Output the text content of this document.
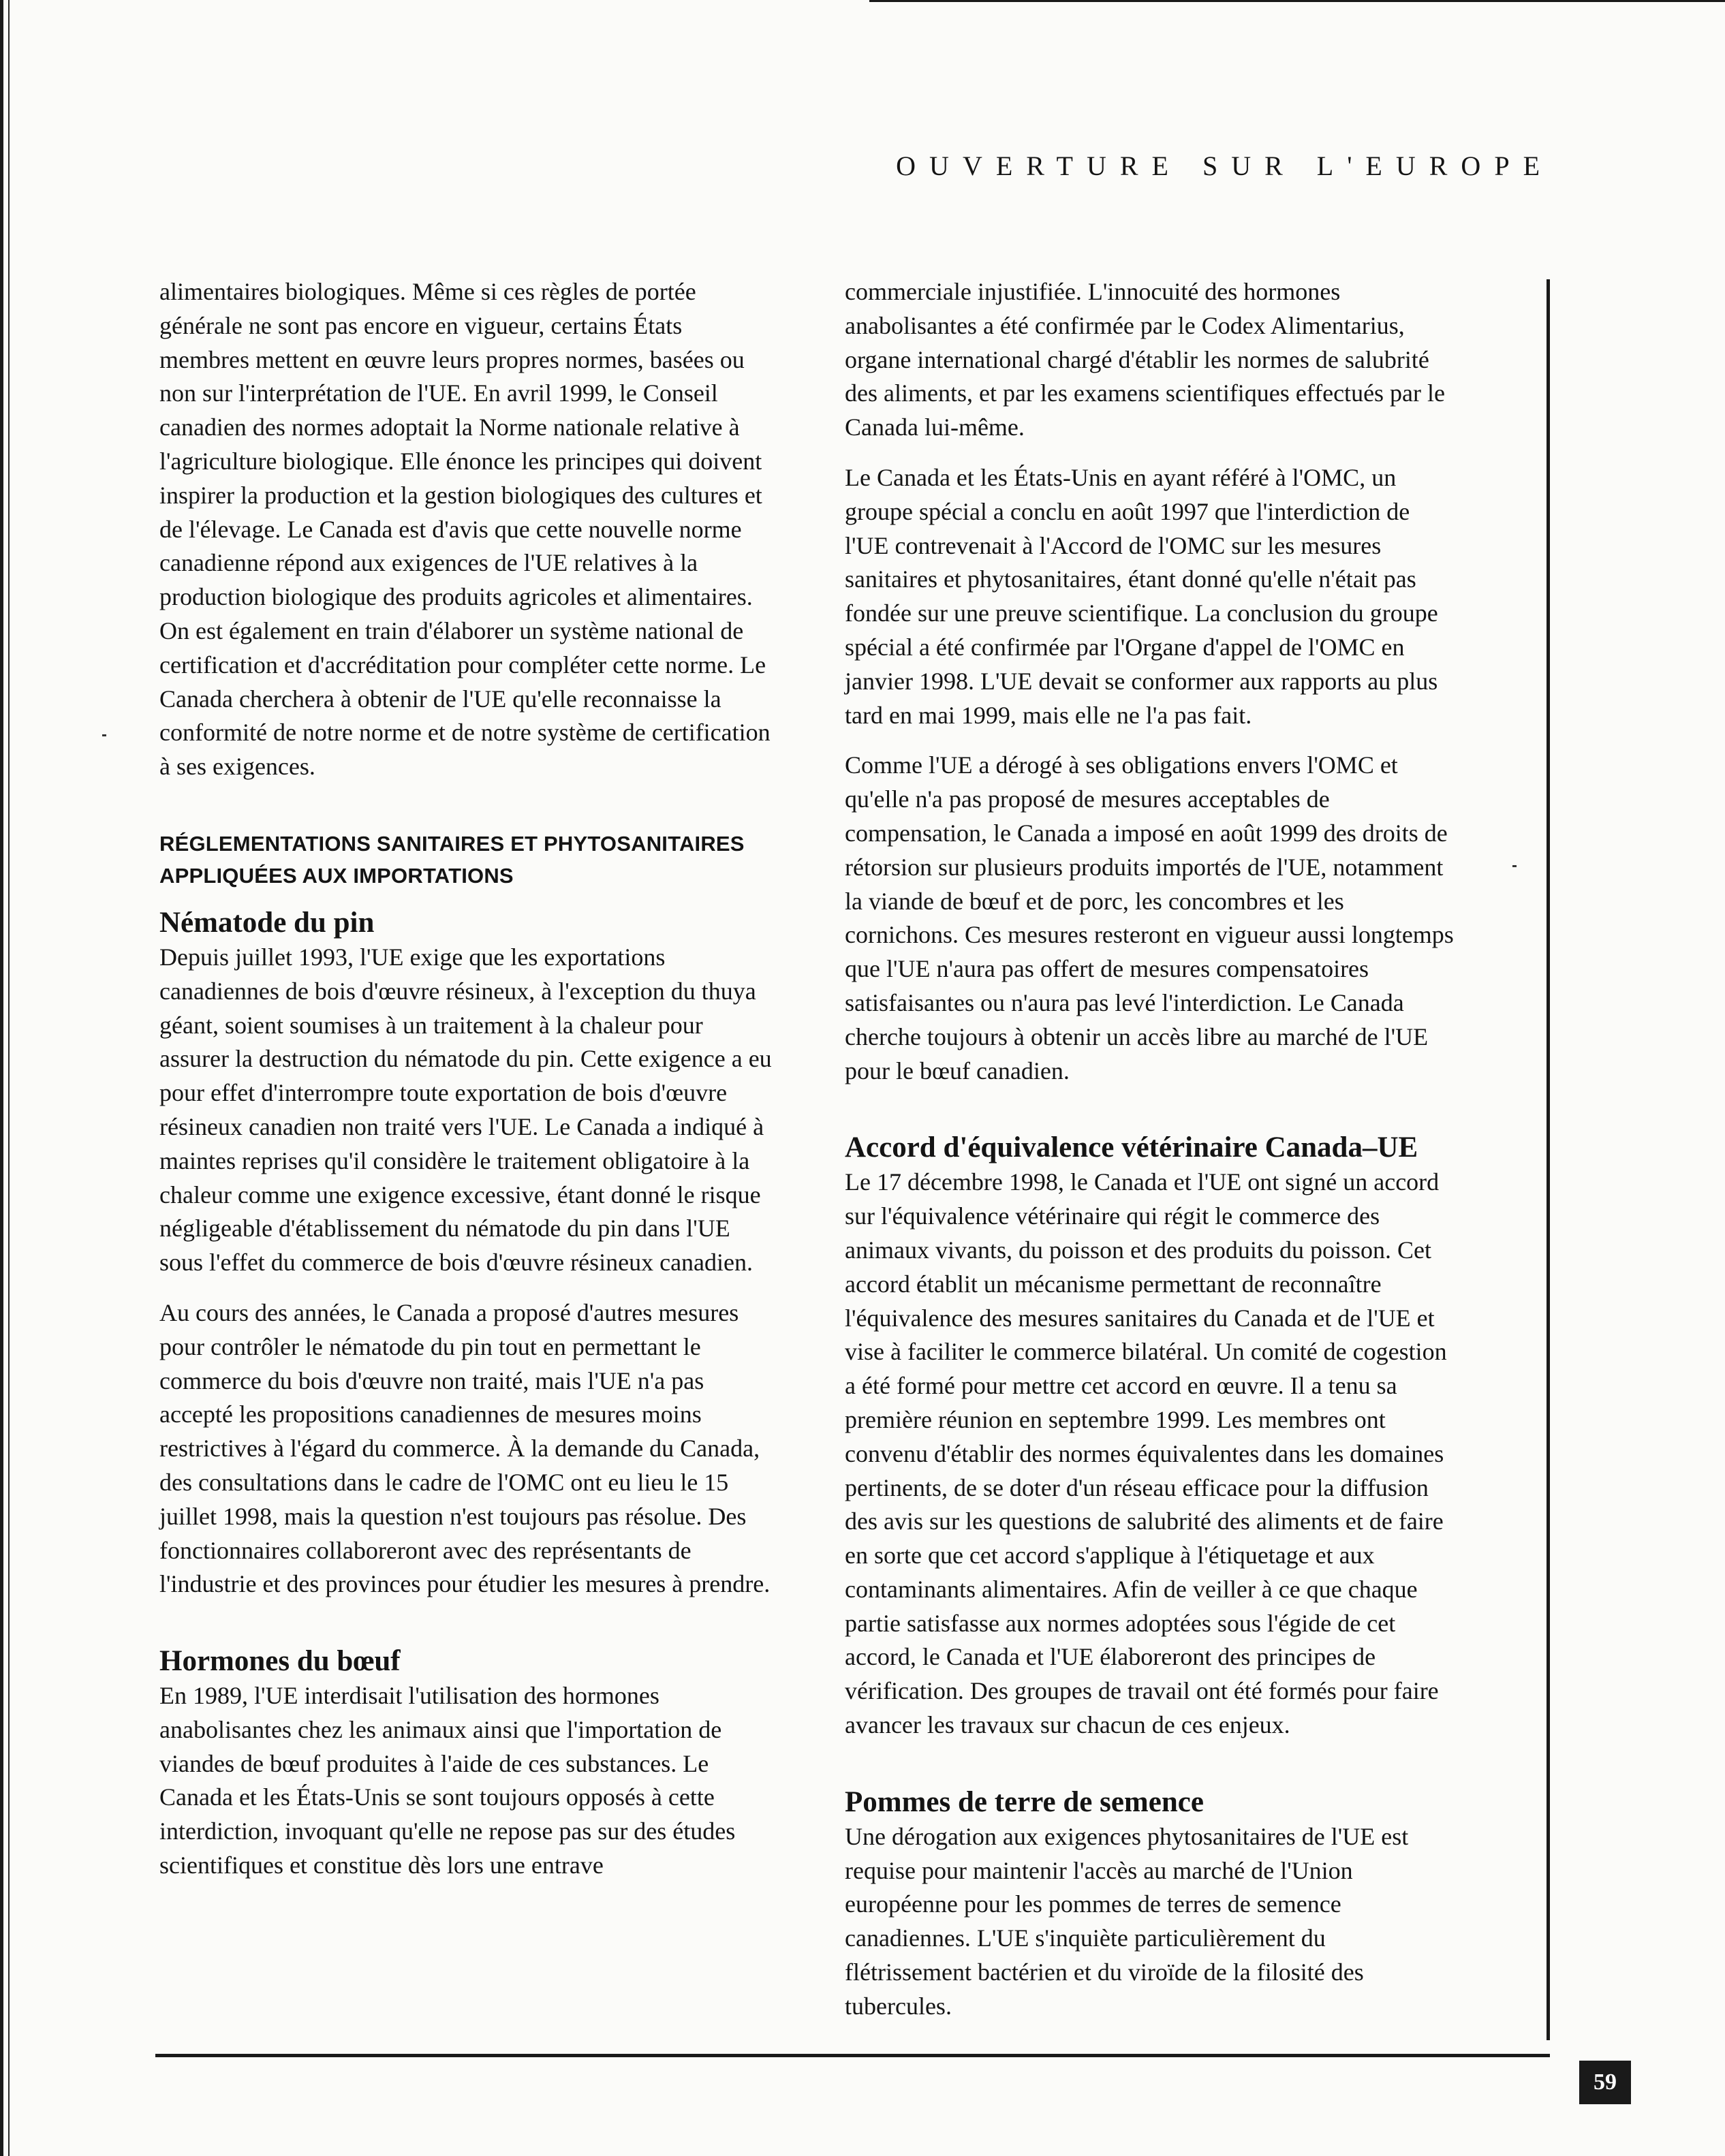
OUVERTURE SUR L'EUROPE

alimentaires biologiques. Même si ces règles de portée générale ne sont pas encore en vigueur, certains États membres mettent en œuvre leurs propres normes, basées ou non sur l'interprétation de l'UE. En avril 1999, le Conseil canadien des normes adoptait la Norme nationale relative à l'agriculture biologique. Elle énonce les principes qui doivent inspirer la production et la gestion biologiques des cultures et de l'élevage. Le Canada est d'avis que cette nouvelle norme canadienne répond aux exigences de l'UE relatives à la production biologique des produits agricoles et alimentaires. On est également en train d'élaborer un système national de certification et d'accréditation pour compléter cette norme. Le Canada cherchera à obtenir de l'UE qu'elle reconnaisse la conformité de notre norme et de notre système de certification à ses exigences.

RÉGLEMENTATIONS SANITAIRES ET PHYTOSANITAIRES APPLIQUÉES AUX IMPORTATIONS
Nématode du pin

Depuis juillet 1993, l'UE exige que les exportations canadiennes de bois d'œuvre résineux, à l'exception du thuya géant, soient soumises à un traitement à la chaleur pour assurer la destruction du nématode du pin. Cette exigence a eu pour effet d'interrompre toute exportation de bois d'œuvre résineux canadien non traité vers l'UE. Le Canada a indiqué à maintes reprises qu'il considère le traitement obligatoire à la chaleur comme une exigence excessive, étant donné le risque négligeable d'établissement du nématode du pin dans l'UE sous l'effet du commerce de bois d'œuvre résineux canadien.

Au cours des années, le Canada a proposé d'autres mesures pour contrôler le nématode du pin tout en permettant le commerce du bois d'œuvre non traité, mais l'UE n'a pas accepté les propositions canadiennes de mesures moins restrictives à l'égard du commerce. À la demande du Canada, des consultations dans le cadre de l'OMC ont eu lieu le 15 juillet 1998, mais la question n'est toujours pas résolue. Des fonctionnaires collaboreront avec des représentants de l'industrie et des provinces pour étudier les mesures à prendre.

Hormones du bœuf

En 1989, l'UE interdisait l'utilisation des hormones anabolisantes chez les animaux ainsi que l'importation de viandes de bœuf produites à l'aide de ces substances. Le Canada et les États-Unis se sont toujours opposés à cette interdiction, invoquant qu'elle ne repose pas sur des études scientifiques et constitue dès lors une entrave

commerciale injustifiée. L'innocuité des hormones anabolisantes a été confirmée par le Codex Alimentarius, organe international chargé d'établir les normes de salubrité des aliments, et par les examens scientifiques effectués par le Canada lui-même.

Le Canada et les États-Unis en ayant référé à l'OMC, un groupe spécial a conclu en août 1997 que l'interdiction de l'UE contrevenait à l'Accord de l'OMC sur les mesures sanitaires et phytosanitaires, étant donné qu'elle n'était pas fondée sur une preuve scientifique. La conclusion du groupe spécial a été confirmée par l'Organe d'appel de l'OMC en janvier 1998. L'UE devait se conformer aux rapports au plus tard en mai 1999, mais elle ne l'a pas fait.

Comme l'UE a dérogé à ses obligations envers l'OMC et qu'elle n'a pas proposé de mesures acceptables de compensation, le Canada a imposé en août 1999 des droits de rétorsion sur plusieurs produits importés de l'UE, notamment la viande de bœuf et de porc, les concombres et les cornichons. Ces mesures resteront en vigueur aussi longtemps que l'UE n'aura pas offert de mesures compensatoires satisfaisantes ou n'aura pas levé l'interdiction. Le Canada cherche toujours à obtenir un accès libre au marché de l'UE pour le bœuf canadien.

Accord d'équivalence vétérinaire Canada–UE

Le 17 décembre 1998, le Canada et l'UE ont signé un accord sur l'équivalence vétérinaire qui régit le commerce des animaux vivants, du poisson et des produits du poisson. Cet accord établit un mécanisme permettant de reconnaître l'équivalence des mesures sanitaires du Canada et de l'UE et vise à faciliter le commerce bilatéral. Un comité de cogestion a été formé pour mettre cet accord en œuvre. Il a tenu sa première réunion en septembre 1999. Les membres ont convenu d'établir des normes équivalentes dans les domaines pertinents, de se doter d'un réseau efficace pour la diffusion des avis sur les questions de salubrité des aliments et de faire en sorte que cet accord s'applique à l'étiquetage et aux contaminants alimentaires. Afin de veiller à ce que chaque partie satisfasse aux normes adoptées sous l'égide de cet accord, le Canada et l'UE élaboreront des principes de vérification. Des groupes de travail ont été formés pour faire avancer les travaux sur chacun de ces enjeux.

Pommes de terre de semence

Une dérogation aux exigences phytosanitaires de l'UE est requise pour maintenir l'accès au marché de l'Union européenne pour les pommes de terres de semence canadiennes. L'UE s'inquiète particulièrement du flétrissement bactérien et du viroïde de la filosité des tubercules.

59
